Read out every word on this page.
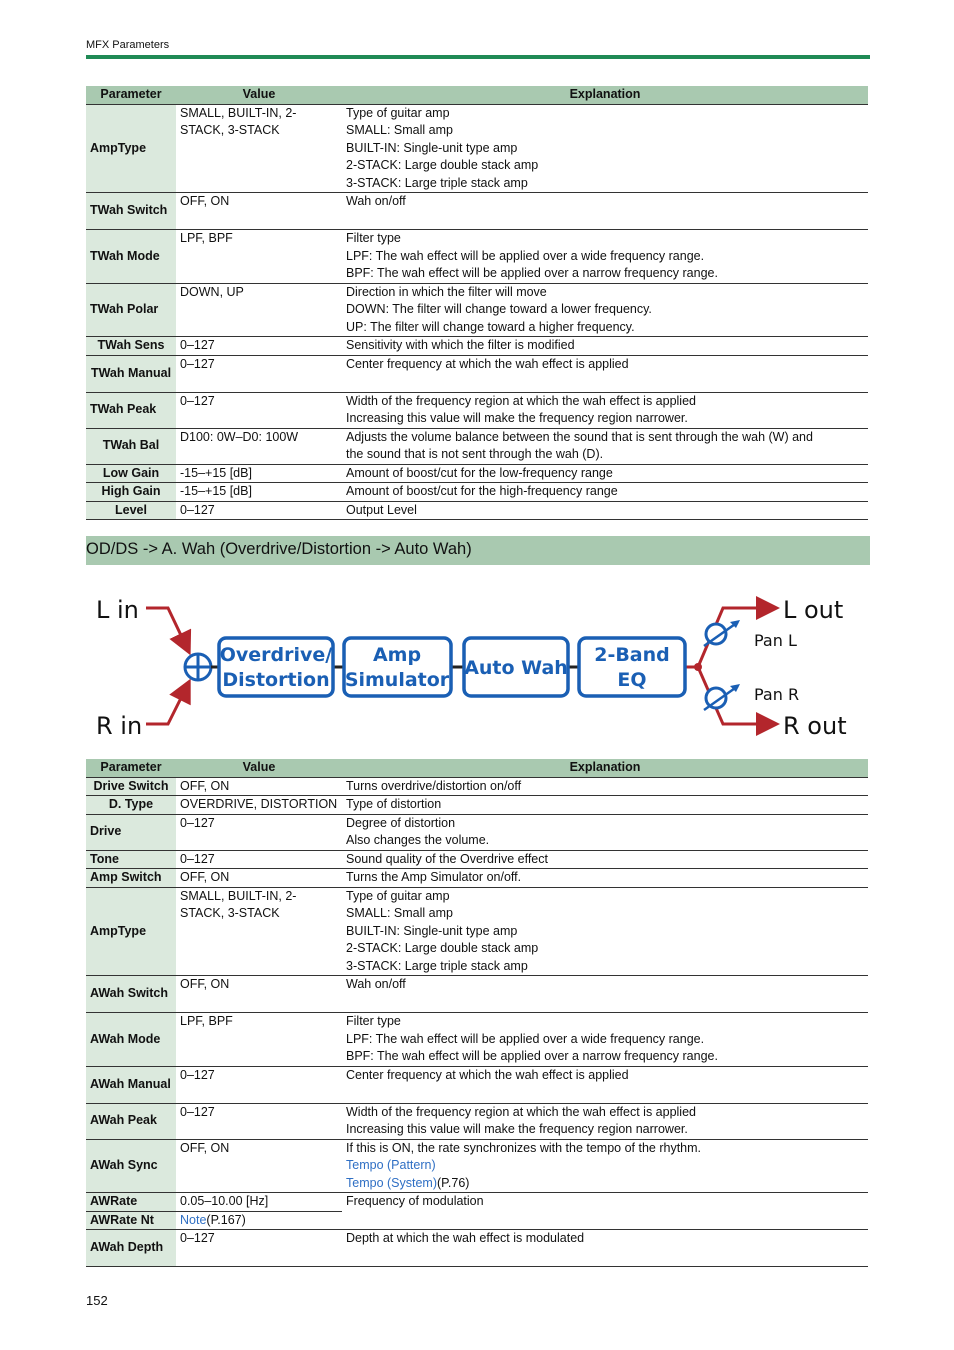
MFX Parameters
Parameter	Value	Explanation
AmpType	SMALL, BUILT-IN, 2-
STACK, 3-STACK	Type of guitar amp
SMALL: Small amp
BUILT-IN: Single-unit type amp
2-STACK: Large double stack amp
3-STACK: Large triple stack amp

TWah Switch	OFF, ON	Wah on/off

TWah Mode	LPF, BPF	Filter type
LPF: The wah effect will be applied over a wide frequency range.
BPF: The wah effect will be applied over a narrow frequency range.

TWah Polar	DOWN, UP	Direction in which the filter will move
DOWN: The filter will change toward a lower frequency.
UP: The filter will change toward a higher frequency.

TWah Sens	0–127	Sensitivity with which the filter is modified

TWah Manual	0–127	Center frequency at which the wah effect is applied

TWah Peak	0–127	Width of the frequency region at which the wah effect is applied
Increasing this value will make the frequency region narrower.

TWah Bal	D100: 0W–D0: 100W	Adjusts the volume balance between the sound that is sent through the wah (W) and
the sound that is not sent through the wah (D).

Low Gain	-15–+15 [dB]	Amount of boost/cut for the low-frequency range

High Gain	-15–+15 [dB]	Amount of boost/cut for the high-frequency range

Level	0–127	Output Level
OD/DS -> A. Wah (Overdrive/Distortion -> Auto Wah)
L in
R in
Overdrive/
Distortion
Amp
Simulator
Auto Wah
2-Band
EQ
Pan L
Pan R
L out
R out
Parameter	Value	Explanation
Drive Switch	OFF, ON	Turns overdrive/distortion on/off

D. Type	OVERDRIVE, DISTORTION	Type of distortion

Drive	0–127	Degree of distortion
Also changes the volume.

Tone	0–127	Sound quality of the Overdrive effect

Amp Switch	OFF, ON	Turns the Amp Simulator on/off.

AmpType	SMALL, BUILT-IN, 2-
STACK, 3-STACK	Type of guitar amp
SMALL: Small amp
BUILT-IN: Single-unit type amp
2-STACK: Large double stack amp
3-STACK: Large triple stack amp

AWah Switch	OFF, ON	Wah on/off

AWah Mode	LPF, BPF	Filter type
LPF: The wah effect will be applied over a wide frequency range.
BPF: The wah effect will be applied over a narrow frequency range.

AWah Manual	0–127	Center frequency at which the wah effect is applied

AWah Peak	0–127	Width of the frequency region at which the wah effect is applied
Increasing this value will make the frequency region narrower.

AWah Sync	OFF, ON	If this is ON, the rate synchronizes with the tempo of the rhythm.
Tempo (Pattern)
Tempo (System)(P.76)

AWRate	0.05–10.00 [Hz]	Frequency of modulation

AWRate Nt	Note(P.167)	
AWah Depth	0–127	Depth at which the wah effect is modulated
152
